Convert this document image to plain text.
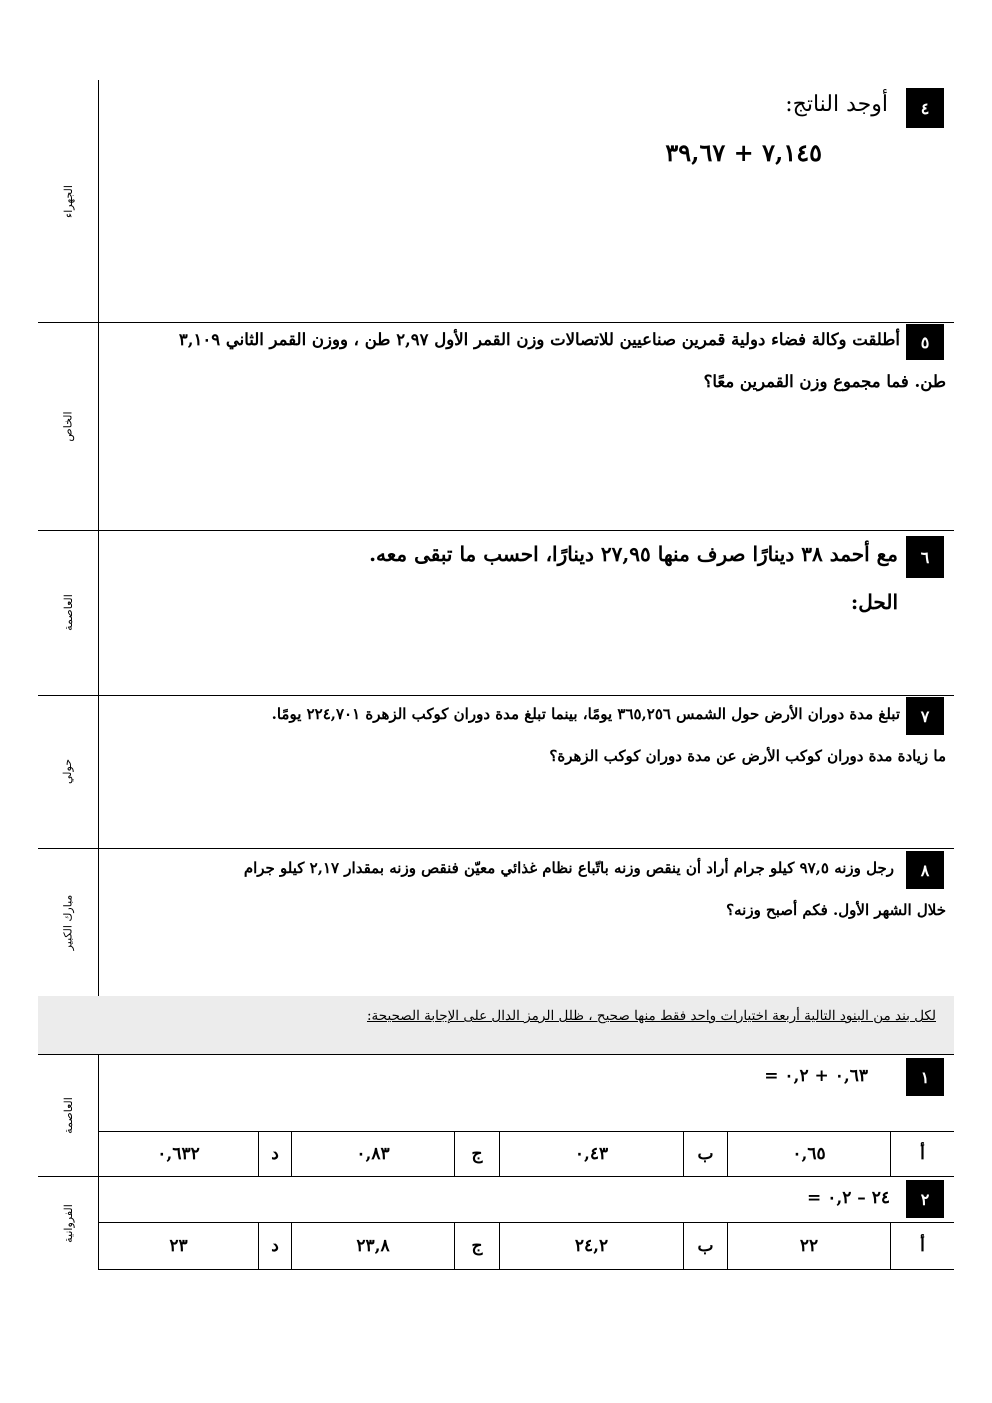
الجهراء
٤
أوجد الناتج:
٧,١٤٥ + ٣٩,٦٧
الخاص
٥
أطلقت وكالة فضاء دولية قمرين صناعيين للاتصالات وزن القمر الأول ٢,٩٧ طن ، ووزن القمر الثاني ٣,١٠٩
طن. فما مجموع وزن القمرين معًا؟
العاصمة
٦
مع أحمد ٣٨ دينارًا صرف منها ٢٧,٩٥ دينارًا، احسب ما تبقى معه.
الحل:
حولي
٧
تبلغ مدة دوران الأرض حول الشمس ٣٦٥,٢٥٦ يومًا، بينما تبلغ مدة دوران كوكب الزهرة ٢٢٤,٧٠١ يومًا.
ما زيادة مدة دوران كوكب الأرض عن مدة دوران كوكب الزهرة؟
مبارك الكبير
٨
رجل وزنه ٩٧,٥ كيلو جرام أراد أن ينقص وزنه باتّباع نظام غذائي معيّن فنقص وزنه بمقدار ٢,١٧ كيلو جرام
خلال الشهر الأول. فكم أصبح وزنه؟
لكل بند من البنود التالية أربعة اختيارات واحد فقط منها صحيح ، ظلل الرمز الدال على الإجابة الصحيحة:
العاصمة
١
٠,٦٣ + ٠,٢ =
أ
٠,٦٥
ب
٠,٤٣
ج
٠,٨٣
د
٠,٦٣٢
الفروانية
٢
٢٤ – ٠,٢ =
أ
٢٢
ب
٢٤,٢
ج
٢٣,٨
د
٢٣
